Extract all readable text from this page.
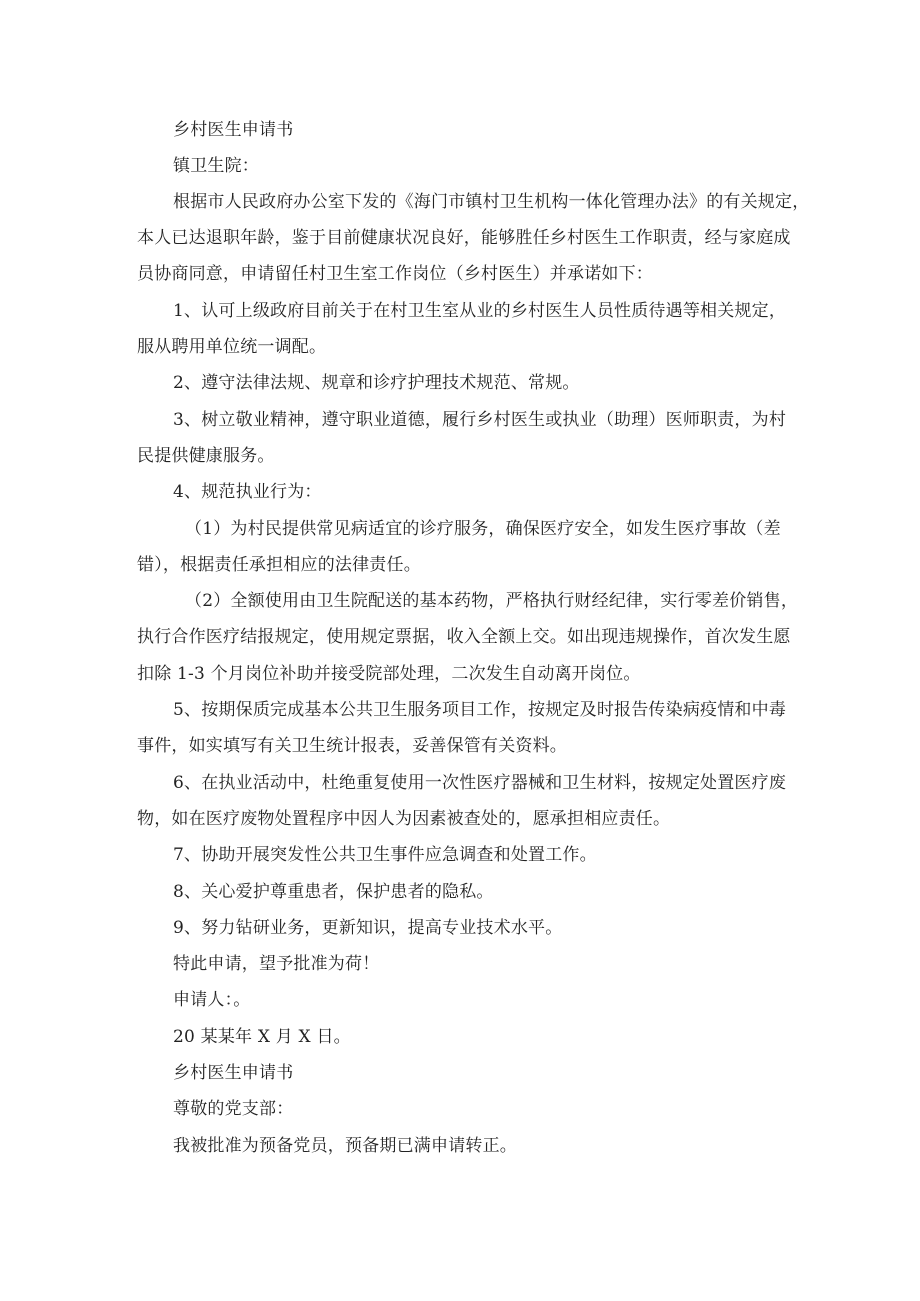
乡村医生申请书
镇卫生院：
根据市人民政府办公室下发的《海门市镇村卫生机构一体化管理办法》的有关规定，
本人已达退职年龄，鉴于目前健康状况良好，能够胜任乡村医生工作职责，经与家庭成
员协商同意，申请留任村卫生室工作岗位（乡村医生）并承诺如下：
1、认可上级政府目前关于在村卫生室从业的乡村医生人员性质待遇等相关规定，
服从聘用单位统一调配。
2、遵守法律法规、规章和诊疗护理技术规范、常规。
3、树立敬业精神，遵守职业道德，履行乡村医生或执业（助理）医师职责，为村
民提供健康服务。
4、规范执业行为：
（1）为村民提供常见病适宜的诊疗服务，确保医疗安全，如发生医疗事故（差
错），根据责任承担相应的法律责任。
（2）全额使用由卫生院配送的基本药物，严格执行财经纪律，实行零差价销售，
执行合作医疗结报规定，使用规定票据，收入全额上交。如出现违规操作，首次发生愿
扣除 1-3 个月岗位补助并接受院部处理，二次发生自动离开岗位。
5、按期保质完成基本公共卫生服务项目工作，按规定及时报告传染病疫情和中毒
事件，如实填写有关卫生统计报表，妥善保管有关资料。
6、在执业活动中，杜绝重复使用一次性医疗器械和卫生材料，按规定处置医疗废
物，如在医疗废物处置程序中因人为因素被查处的，愿承担相应责任。
7、协助开展突发性公共卫生事件应急调查和处置工作。
8、关心爱护尊重患者，保护患者的隐私。
9、努力钻研业务，更新知识，提高专业技术水平。
特此申请，望予批准为荷！
申请人：。
20 某某年 X 月 X 日。
乡村医生申请书
尊敬的党支部：
我被批准为预备党员，预备期已满申请转正。
